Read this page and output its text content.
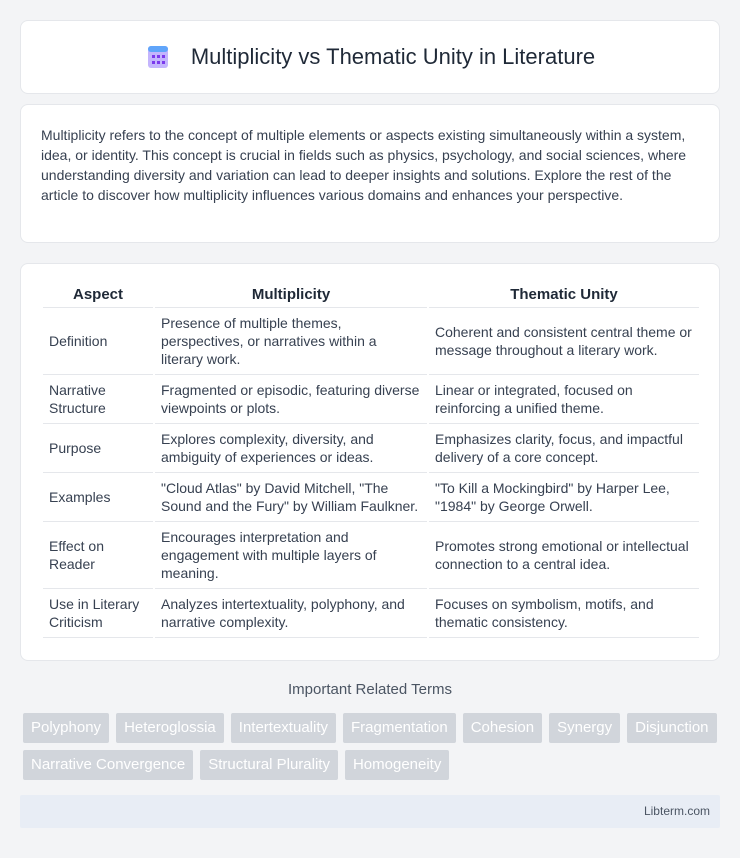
Multiplicity vs Thematic Unity in Literature

Multiplicity refers to the concept of multiple elements or aspects existing simultaneously within a system, idea, or identity. This concept is crucial in fields such as physics, psychology, and social sciences, where understanding diversity and variation can lead to deeper insights and solutions. Explore the rest of the article to discover how multiplicity influences various domains and enhances your perspective.

Aspect	Multiplicity	Thematic Unity
Definition	Presence of multiple themes, perspectives, or narratives within a literary work.	Coherent and consistent central theme or message throughout a literary work.
Narrative Structure	Fragmented or episodic, featuring diverse viewpoints or plots.	Linear or integrated, focused on reinforcing a unified theme.
Purpose	Explores complexity, diversity, and ambiguity of experiences or ideas.	Emphasizes clarity, focus, and impactful delivery of a core concept.
Examples	"Cloud Atlas" by David Mitchell, "The Sound and the Fury" by William Faulkner.	"To Kill a Mockingbird" by Harper Lee, "1984" by George Orwell.
Effect on Reader	Encourages interpretation and engagement with multiple layers of meaning.	Promotes strong emotional or intellectual connection to a central idea.
Use in Literary Criticism	Analyzes intertextuality, polyphony, and narrative complexity.	Focuses on symbolism, motifs, and thematic consistency.
Important Related Terms
Polyphony	Heteroglossia	Intertextuality	Fragmentation	Cohesion	Synergy	Disjunction
Narrative Convergence	Structural Plurality	Homogeneity
Libterm.com
